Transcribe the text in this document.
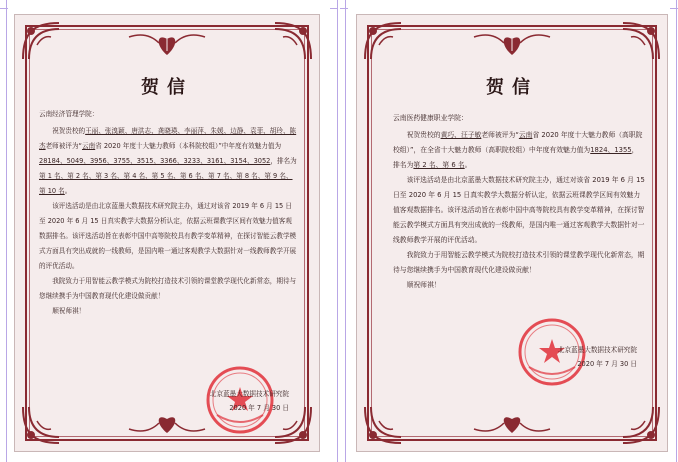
贺信
云南经济管理学院：

祝贺贵校的王丽、张溴颖、唐洪志、龚晓瑛、李丽萍、朱媛、边静、袁菲、胡玲、陈杰老师被评为“云南省 2020 年度十大魅力教师（本科院校组）”中年度有效魅力值为28184、5049、3956、3755、3515、3366、3233、3161、3154、3052，排名为第 1 名、第 2 名、第 3 名、第 4 名、第 5 名、第 6 名、第 7 名、第 8 名、第 9 名、第 10 名。

该评选活动是由北京蓝墨大数据技术研究院主办，通过对该省 2019 年 6 月 15 日至 2020 年 6 月 15 日真实教学大数据分析认定，依据云班课教学区间有效魅力值客观数据排名。该评选活动旨在表彰中国中高等院校具有教学变革精神，在探讨智能云教学模式方面具有突出成就的一线教师，是国内唯一通过客观教学大数据针对一线教师教学开展的评优活动。

我院致力于用智能云教学模式为院校打造技术引领的课堂教学现代化新常态，期待与您继续携手为中国教育现代化建设做贡献！

顺祝师祺！

北京蓝墨大数据技术研究院
2020 年 7 月 30 日
贺信
云南医药健康职业学院：

祝贺贵校的黄巧、汪子敏老师被评为“云南省 2020 年度十大魅力教师（高职院校组）”，在全省十大魅力教师（高职院校组）中年度有效魅力值为1824、1355，排名为第 2 名、第 6 名。

该评选活动是由北京蓝墨大数据技术研究院主办，通过对该省 2019 年 6 月 15 日至 2020 年 6 月 15 日真实教学大数据分析认定，依据云班课教学区间有效魅力值客观数据排名。该评选活动旨在表彰中国中高等院校具有教学变革精神，在探讨智能云教学模式方面具有突出成就的一线教师，是国内唯一通过客观教学大数据针对一线教师教学开展的评优活动。

我院致力于用智能云教学模式为院校打造技术引领的课堂教学现代化新常态，期待与您继续携手为中国教育现代化建设做贡献！

顺祝师祺！

北京蓝墨大数据技术研究院
2020 年 7 月 30 日
